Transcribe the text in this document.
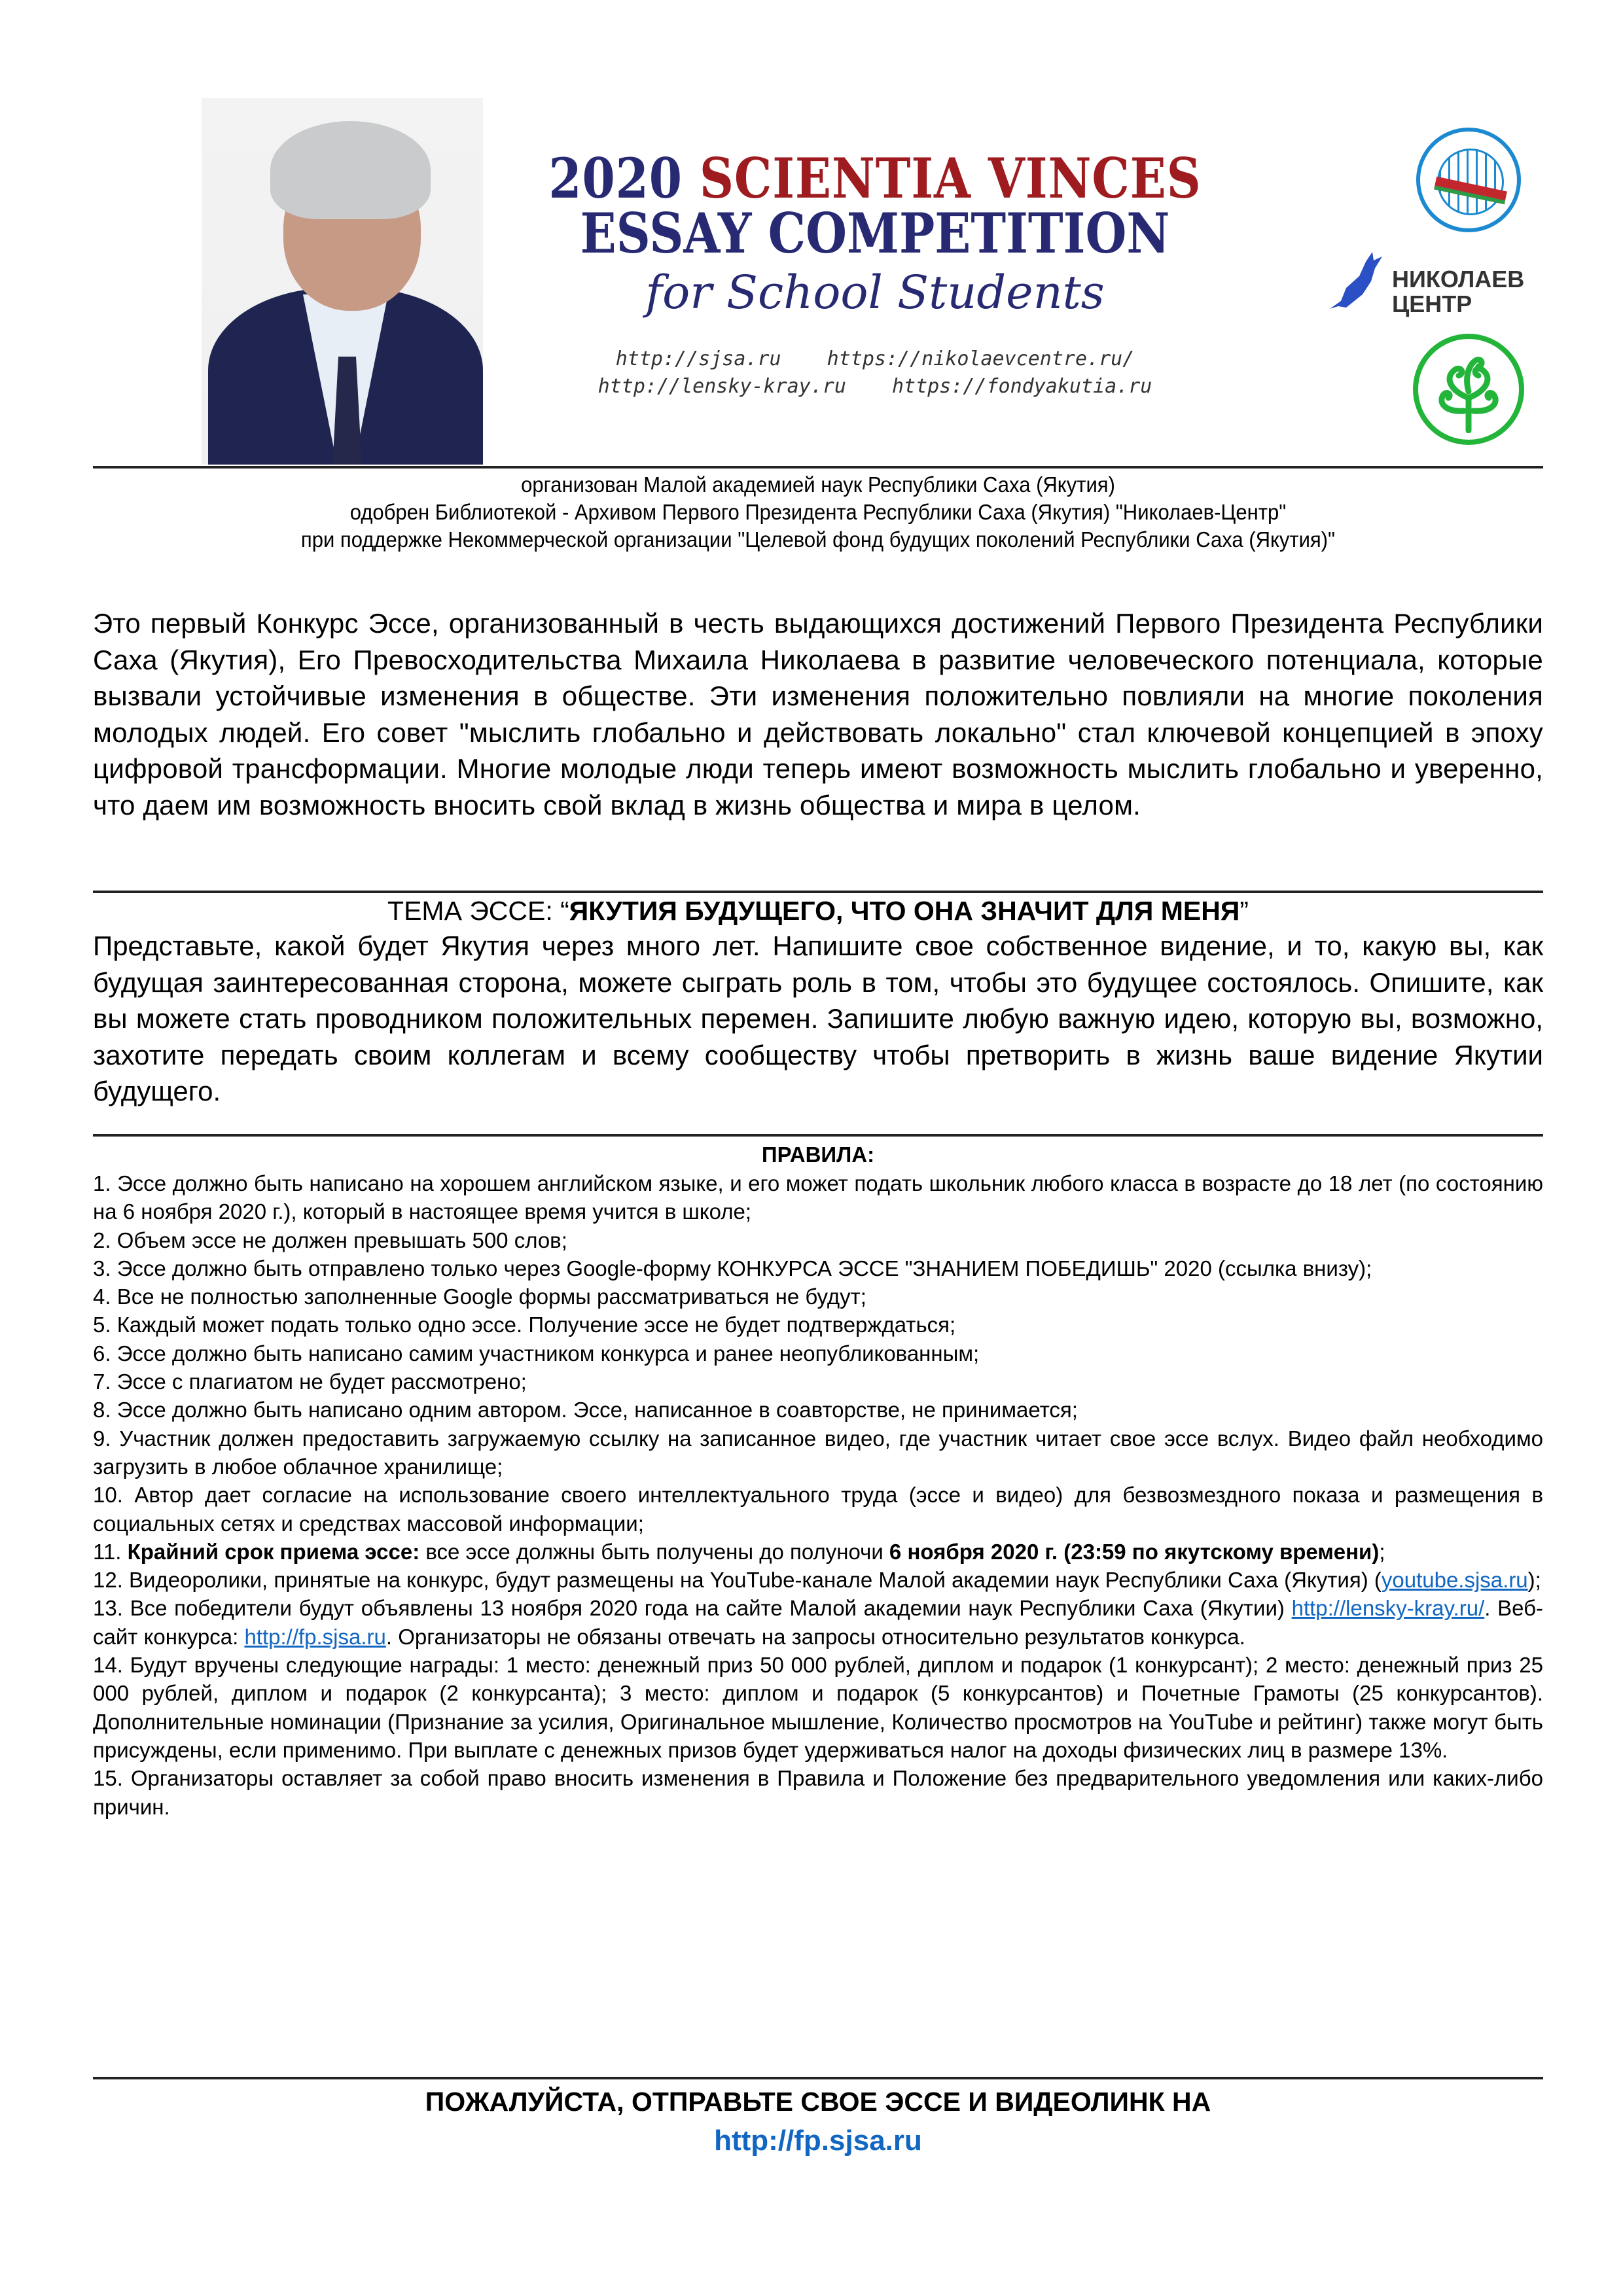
2020 SCIENTIA VINCES
ESSAY COMPETITION
for School Students
http://sjsa.ru https://nikolaevcentre.ru/
http://lensky-kray.ru https://fondyakutia.ru
НИКОЛАЕВ
ЦЕНТР
организован Малой академией наук Республики Саха (Якутия)
одобрен Библиотекой - Архивом Первого Президента Республики Саха (Якутия) "Николаев-Центр"
при поддержке Некоммерческой организации "Целевой фонд будущих поколений Республики Саха (Якутия)"
Это первый Конкурс Эссе, организованный в честь выдающихся достижений Первого Президента Республики Саха (Якутия), Его Превосходительства Михаила Николаева в развитие человеческого потенциала, которые вызвали устойчивые изменения в обществе. Эти изменения положительно повлияли на многие поколения молодых людей. Его совет "мыслить глобально и действовать локально" стал ключевой концепцией в эпоху цифровой трансформации. Многие молодые люди теперь имеют возможность мыслить глобально и уверенно, что даем им возможность вносить свой вклад в жизнь общества и мира в целом.
ТЕМА ЭССЕ: “ЯКУТИЯ БУДУЩЕГО, ЧТО ОНА ЗНАЧИТ ДЛЯ МЕНЯ”
Представьте, какой будет Якутия через много лет. Напишите свое собственное видение, и то, какую вы, как будущая заинтересованная сторона, можете сыграть роль в том, чтобы это будущее состоялось. Опишите, как вы можете стать проводником положительных перемен. Запишите любую важную идею, которую вы, возможно, захотите передать своим коллегам и всему сообществу чтобы претворить в жизнь ваше видение Якутии будущего.
ПРАВИЛА:

1. Эссе должно быть написано на хорошем английском языке, и его может подать школьник любого класса в возрасте до 18 лет (по состоянию на 6 ноября 2020 г.), который в настоящее время учится в школе;

2. Объем эссе не должен превышать 500 слов;

3. Эссе должно быть отправлено только через Google-форму КОНКУРСА ЭССЕ "ЗНАНИЕМ ПОБЕДИШЬ" 2020 (ссылка внизу);

4. Все не полностью заполненные Google формы рассматриваться не будут;

5. Каждый может подать только одно эссе. Получение эссе не будет подтверждаться;

6. Эссе должно быть написано самим участником конкурса и ранее неопубликованным;

7. Эссе с плагиатом не будет рассмотрено;

8. Эссе должно быть написано одним автором. Эссе, написанное в соавторстве, не принимается;

9. Участник должен предоставить загружаемую ссылку на записанное видео, где участник читает свое эссе вслух. Видео файл необходимо загрузить в любое облачное хранилище;

10. Автор дает согласие на использование своего интеллектуального труда (эссе и видео) для безвозмездного показа и размещения в социальных сетях и средствах массовой информации;

11. Крайний срок приема эссе: все эссе должны быть получены до полуночи 6 ноября 2020 г. (23:59 по якутскому времени);

12. Видеоролики, принятые на конкурс, будут размещены на YouTube-канале Малой академии наук Республики Саха (Якутия) (youtube.sjsa.ru);

13. Все победители будут объявлены 13 ноября 2020 года на сайте Малой академии наук Республики Саха (Якутии) http://lensky-kray.ru/. Веб-сайт конкурса: http://fp.sjsa.ru. Организаторы не обязаны отвечать на запросы относительно результатов конкурса.

14. Будут вручены следующие награды: 1 место: денежный приз 50 000 рублей, диплом и подарок (1 конкурсант); 2 место: денежный приз 25 000 рублей, диплом и подарок (2 конкурсанта); 3 место: диплом и подарок (5 конкурсантов) и Почетные Грамоты (25 конкурсантов). Дополнительные номинации (Признание за усилия, Оригинальное мышление, Количество просмотров на YouTube и рейтинг) также могут быть присуждены, если применимо. При выплате с денежных призов будет удерживаться налог на доходы физических лиц в размере 13%.

15. Организаторы оставляет за собой право вносить изменения в Правила и Положение без предварительного уведомления или каких-либо причин.

ПОЖАЛУЙСТА, ОТПРАВЬТЕ СВОЕ ЭССЕ И ВИДЕОЛИНК НА
http://fp.sjsa.ru
